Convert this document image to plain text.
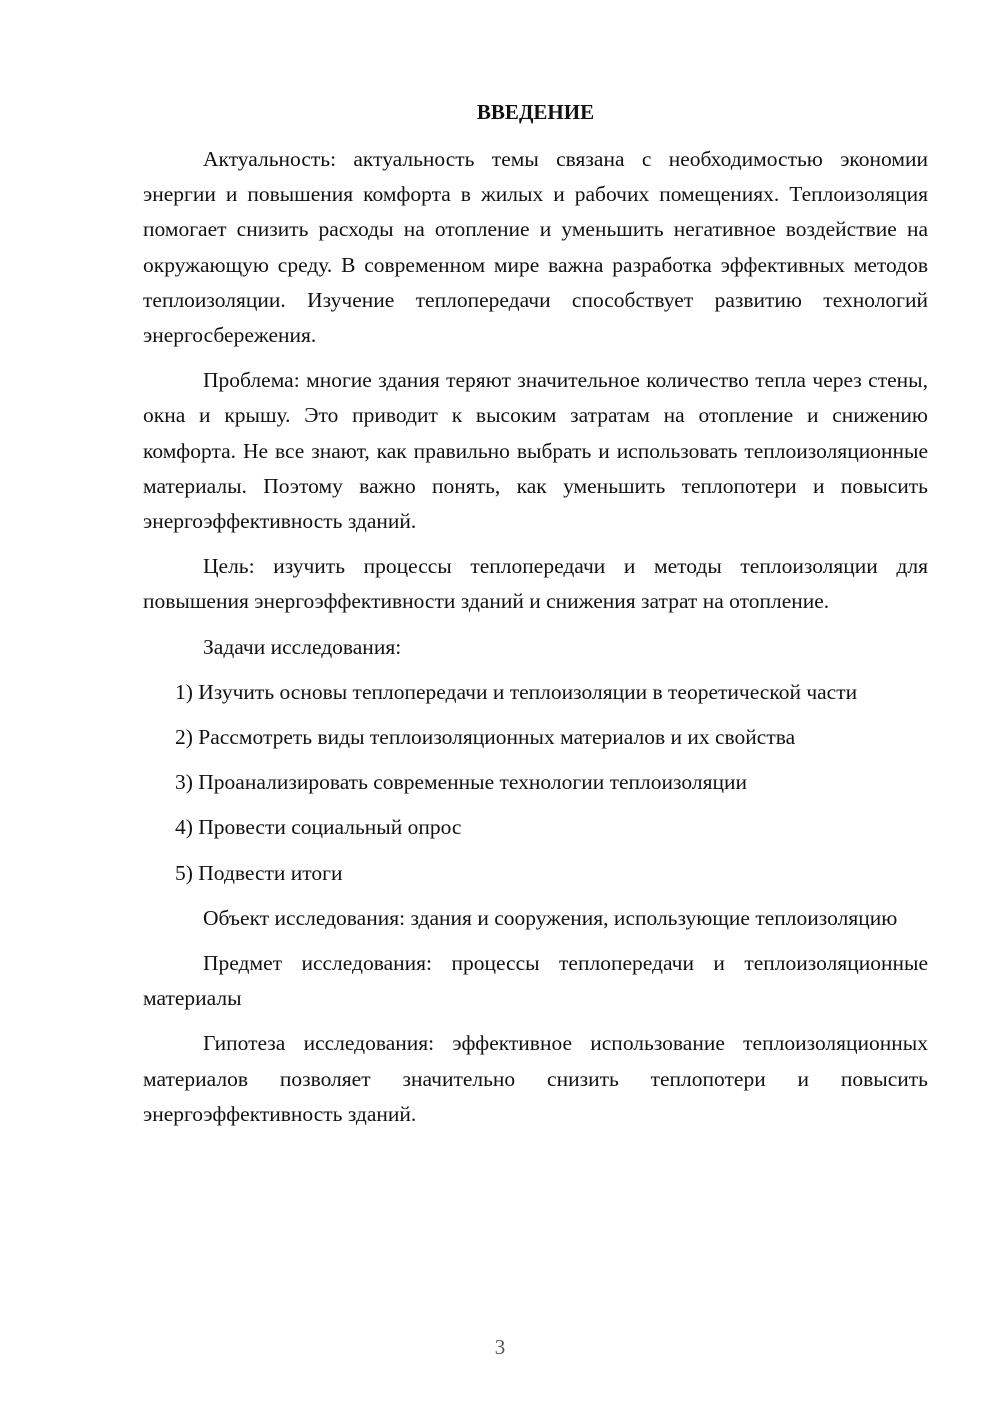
ВВЕДЕНИЕ

Актуальность: актуальность темы связана с необходимостью экономии энергии и повышения комфорта в жилых и рабочих помещениях. Теплоизоляция помогает снизить расходы на отопление и уменьшить негативное воздействие на окружающую среду. В современном мире важна разработка эффективных методов теплоизоляции. Изучение теплопередачи способствует развитию технологий энергосбережения.

Проблема: многие здания теряют значительное количество тепла через стены, окна и крышу. Это приводит к высоким затратам на отопление и снижению комфорта. Не все знают, как правильно выбрать и использовать теплоизоляционные материалы. Поэтому важно понять, как уменьшить теплопотери и повысить энергоэффективность зданий.

Цель: изучить процессы теплопередачи и методы теплоизоляции для повышения энергоэффективности зданий и снижения затрат на отопление.

Задачи исследования:

1) Изучить основы теплопередачи и теплоизоляции в теоретической части

2) Рассмотреть виды теплоизоляционных материалов и их свойства

3) Проанализировать современные технологии теплоизоляции

4) Провести социальный опрос

5) Подвести итоги

Объект исследования: здания и сооружения, использующие теплоизоляцию

Предмет исследования: процессы теплопередачи и теплоизоляционные материалы

Гипотеза исследования: эффективное использование теплоизоляционных материалов позволяет значительно снизить теплопотери и повысить энергоэффективность зданий.

3
